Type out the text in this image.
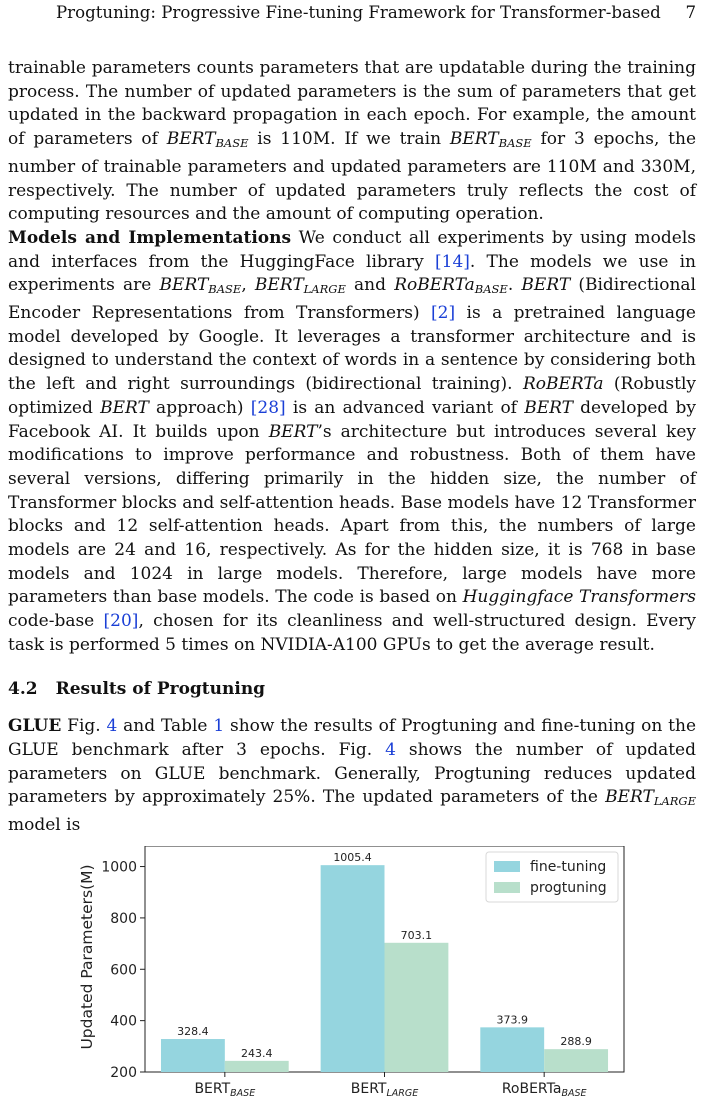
Progtuning: Progressive Fine-tuning Framework for Transformer-based 7

trainable parameters counts parameters that are updatable during the training process. The number of updated parameters is the sum of parameters that get updated in the backward propagation in each epoch. For example, the amount of parameters of $BERT_{BASE}$ is 110M. If we train $BERT_{BASE}$ for 3 epochs, the number of trainable parameters and updated parameters are 110M and 330M, respectively. The number of updated parameters truly reflects the cost of computing resources and the amount of computing operation.

Models and Implementations We conduct all experiments by using models and interfaces from the HuggingFace library [14]. The models we use in experiments are $BERT_{BASE}$, $BERT_{LARGE}$ and RoBERTa$_{BASE}$. BERT (Bidirectional Encoder Representations from Transformers) [2] is a pretrained language model developed by Google. It leverages a transformer architecture and is designed to understand the context of words in a sentence by considering both the left and right surroundings (bidirectional training). RoBERTa (Robustly optimized BERT approach) [28] is an advanced variant of BERT developed by Facebook AI. It builds upon BERT’s architecture but introduces several key modifications to improve performance and robustness. Both of them have several versions, differing primarily in the hidden size, the number of Transformer blocks and self-attention heads. Base models have 12 Transformer blocks and 12 self-attention heads. Apart from this, the numbers of large models are 24 and 16, respectively. As for the hidden size, it is 768 in base models and 1024 in large models. Therefore, large models have more parameters than base models. The code is based on Huggingface Transformers code-base [20], chosen for its cleanliness and well-structured design. Every task is performed 5 times on NVIDIA-A100 GPUs to get the average result.

4.2 Results of Progtuning

GLUE Fig. 4 and Table 1 show the results of Progtuning and fine-tuning on the GLUE benchmark after 3 epochs. Fig. 4 shows the number of updated parameters on GLUE benchmark. Generally, Progtuning reduces updated parameters by approximately 25%. The updated parameters of the $BERT_{LARGE}$ model is

200
400
600
800
1000
Updated Parameters(M)	328.4
243.4
$BERT_{BASE}$
1005.4
703.1
$BERT_{LARGE}$
373.9
288.9
RoBERTa$_{BASE}$
fine-tuning
progtuning
